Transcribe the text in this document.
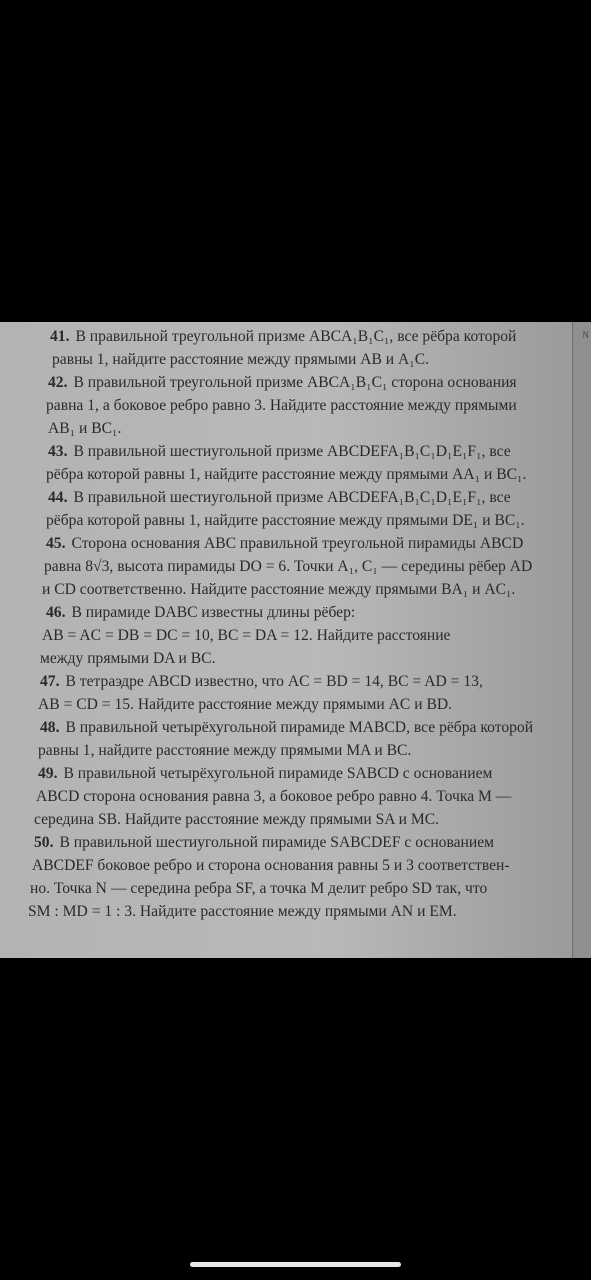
41. В правильной треугольной призме ABCA₁B₁C₁, все рёбра которой
равны 1, найдите расстояние между прямыми AB и A₁C.
42. В правильной треугольной призме ABCA₁B₁C₁ сторона основания
равна 1, а боковое ребро равно 3. Найдите расстояние между прямыми
AB₁ и BC₁.
43. В правильной шестиугольной призме ABCDEFA₁B₁C₁D₁E₁F₁, все
рёбра которой равны 1, найдите расстояние между прямыми AA₁ и BC₁.
44. В правильной шестиугольной призме ABCDEFA₁B₁C₁D₁E₁F₁, все
рёбра которой равны 1, найдите расстояние между прямыми DE₁ и BC₁.
45. Сторона основания ABC правильной треугольной пирамиды ABCD
равна 8√3, высота пирамиды DO = 6. Точки A₁, C₁ — середины рёбер AD
и CD соответственно. Найдите расстояние между прямыми BA₁ и AC₁.
46. В пирамиде DABC известны длины рёбер:
AB = AC = DB = DC = 10, BC = DA = 12. Найдите расстояние
между прямыми DA и BC.
47. В тетраэдре ABCD известно, что AC = BD = 14, BC = AD = 13,
AB = CD = 15. Найдите расстояние между прямыми AC и BD.
48. В правильной четырёхугольной пирамиде MABCD, все рёбра которой
равны 1, найдите расстояние между прямыми MA и BC.
49. В правильной четырёхугольной пирамиде SABCD с основанием
ABCD сторона основания равна 3, а боковое ребро равно 4. Точка M —
середина SB. Найдите расстояние между прямыми SA и MC.
50. В правильной шестиугольной пирамиде SABCDEF с основанием
ABCDEF боковое ребро и сторона основания равны 5 и 3 соответствен-
но. Точка N — середина ребра SF, а точка M делит ребро SD так, что
SM : MD = 1 : 3. Найдите расстояние между прямыми AN и EM.
N
